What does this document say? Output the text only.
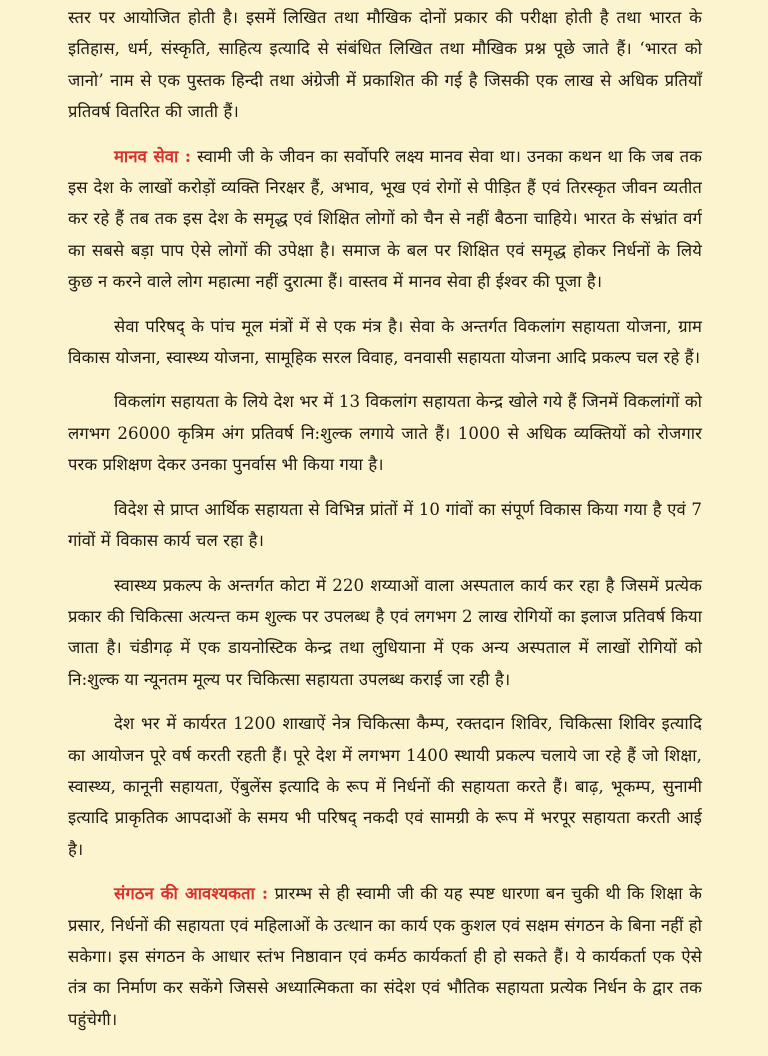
स्तर पर आयोजित होती है। इसमें लिखित तथा मौखिक दोनों प्रकार की परीक्षा होती है तथा भारत के इतिहास, धर्म, संस्कृति, साहित्य इत्यादि से संबंधित लिखित तथा मौखिक प्रश्न पूछे जाते हैं। ‘भारत को जानो’ नाम से एक पुस्तक हिन्दी तथा अंग्रेजी में प्रकाशित की गई है जिसकी एक लाख से अधिक प्रतियाँ प्रतिवर्ष वितरित की जाती हैं।

मानव सेवा : स्वामी जी के जीवन का सर्वोपरि लक्ष्य मानव सेवा था। उनका कथन था कि जब तक इस देश के लाखों करोड़ों व्यक्ति निरक्षर हैं, अभाव, भूख एवं रोगों से पीड़ित हैं एवं तिरस्कृत जीवन व्यतीत कर रहे हैं तब तक इस देश के समृद्ध एवं शिक्षित लोगों को चैन से नहीं बैठना चाहिये। भारत के संभ्रांत वर्ग का सबसे बड़ा पाप ऐसे लोगों की उपेक्षा है। समाज के बल पर शिक्षित एवं समृद्ध होकर निर्धनों के लिये कुछ न करने वाले लोग महात्मा नहीं दुरात्मा हैं। वास्तव में मानव सेवा ही ईश्वर की पूजा है।

सेवा परिषद् के पांच मूल मंत्रों में से एक मंत्र है। सेवा के अन्तर्गत विकलांग सहायता योजना, ग्राम विकास योजना, स्वास्थ्य योजना, सामूहिक सरल विवाह, वनवासी सहायता योजना आदि प्रकल्प चल रहे हैं।

विकलांग सहायता के लिये देश भर में 13 विकलांग सहायता केन्द्र खोले गये हैं जिनमें विकलांगों को लगभग 26000 कृत्रिम अंग प्रतिवर्ष नि:शुल्क लगाये जाते हैं। 1000 से अधिक व्यक्तियों को रोजगार परक प्रशिक्षण देकर उनका पुनर्वास भी किया गया है।

विदेश से प्राप्त आर्थिक सहायता से विभिन्न प्रांतों में 10 गांवों का संपूर्ण विकास किया गया है एवं 7 गांवों में विकास कार्य चल रहा है।

स्वास्थ्य प्रकल्प के अन्तर्गत कोटा में 220 शय्याओं वाला अस्पताल कार्य कर रहा है जिसमें प्रत्येक प्रकार की चिकित्सा अत्यन्त कम शुल्क पर उपलब्ध है एवं लगभग 2 लाख रोगियों का इलाज प्रतिवर्ष किया जाता है। चंडीगढ़ में एक डायनोस्टिक केन्द्र तथा लुधियाना में एक अन्य अस्पताल में लाखों रोगियों को नि:शुल्क या न्यूनतम मूल्य पर चिकित्सा सहायता उपलब्ध कराई जा रही है।

देश भर में कार्यरत 1200 शाखाऐं नेत्र चिकित्सा कैम्प, रक्तदान शिविर, चिकित्सा शिविर इत्यादि का आयोजन पूरे वर्ष करती रहती हैं। पूरे देश में लगभग 1400 स्थायी प्रकल्प चलाये जा रहे हैं जो शिक्षा, स्वास्थ्य, कानूनी सहायता, ऐंबुलेंस इत्यादि के रूप में निर्धनों की सहायता करते हैं। बाढ़, भूकम्प, सुनामी इत्यादि प्राकृतिक आपदाओं के समय भी परिषद् नकदी एवं सामग्री के रूप में भरपूर सहायता करती आई है।

संगठन की आवश्यकता : प्रारम्भ से ही स्वामी जी की यह स्पष्ट धारणा बन चुकी थी कि शिक्षा के प्रसार, निर्धनों की सहायता एवं महिलाओं के उत्थान का कार्य एक कुशल एवं सक्षम संगठन के बिना नहीं हो सकेगा। इस संगठन के आधार स्तंभ निष्ठावान एवं कर्मठ कार्यकर्ता ही हो सकते हैं। ये कार्यकर्ता एक ऐसे तंत्र का निर्माण कर सकेंगे जिससे अध्यात्मिकता का संदेश एवं भौतिक सहायता प्रत्येक निर्धन के द्वार तक पहुंचेगी।
